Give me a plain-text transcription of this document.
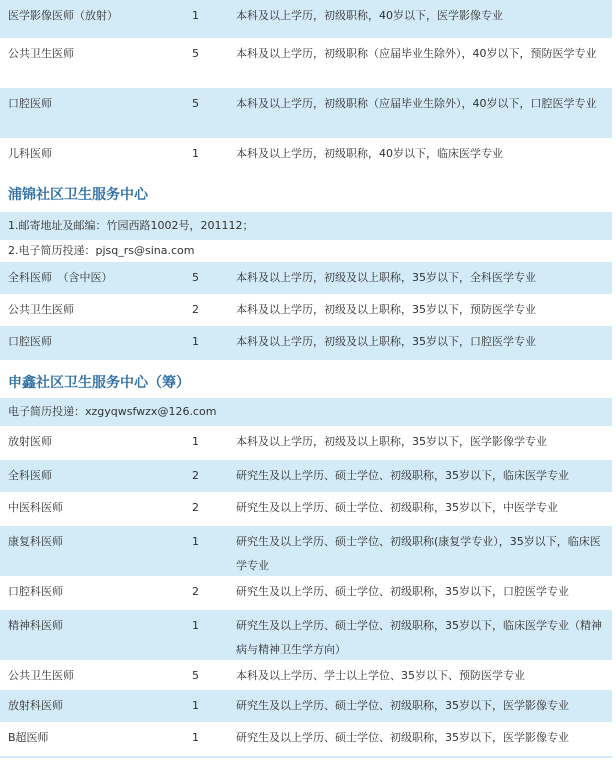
医学影像医师（放射）	1	本科及以上学历，初级职称，40岁以下，医学影像专业
公共卫生医师	5	本科及以上学历，初级职称（应届毕业生除外），40岁以下，预防医学专业
口腔医师	5	本科及以上学历，初级职称（应届毕业生除外），40岁以下，口腔医学专业
儿科医师	1	本科及以上学历，初级职称，40岁以下，临床医学专业
浦锦社区卫生服务中心
1.邮寄地址及邮编：竹园西路1002号，201112；
2.电子简历投递：pjsq_rs@sina.com
全科医师　（含中医）	5	本科及以上学历，初级及以上职称，35岁以下，全科医学专业
公共卫生医师	2	本科及以上学历，初级及以上职称，35岁以下，预防医学专业
口腔医师	1	本科及以上学历，初级及以上职称，35岁以下，口腔医学专业
申鑫社区卫生服务中心（筹）
电子简历投递：xzgyqwsfwzx@126.com
放射医师	1	本科及以上学历，初级及以上职称，35岁以下，医学影像学专业
全科医师	2	研究生及以上学历、硕士学位、初级职称，35岁以下，临床医学专业
中医科医师	2	研究生及以上学历、硕士学位、初级职称，35岁以下，中医学专业
康复科医师	1	研究生及以上学历、硕士学位、初级职称(康复学专业），35岁以下，临床医学专业
口腔科医师	2	研究生及以上学历、硕士学位、初级职称，35岁以下，口腔医学专业
精神科医师	1	研究生及以上学历、硕士学位、初级职称，35岁以下，临床医学专业（精神病与精神卫生学方向）
公共卫生医师	5	本科及以上学历、学士以上学位、35岁以下、预防医学专业
放射科医师	1	研究生及以上学历、硕士学位、初级职称，35岁以下，医学影像专业
B超医师	1	研究生及以上学历、硕士学位、初级职称，35岁以下，医学影像专业
